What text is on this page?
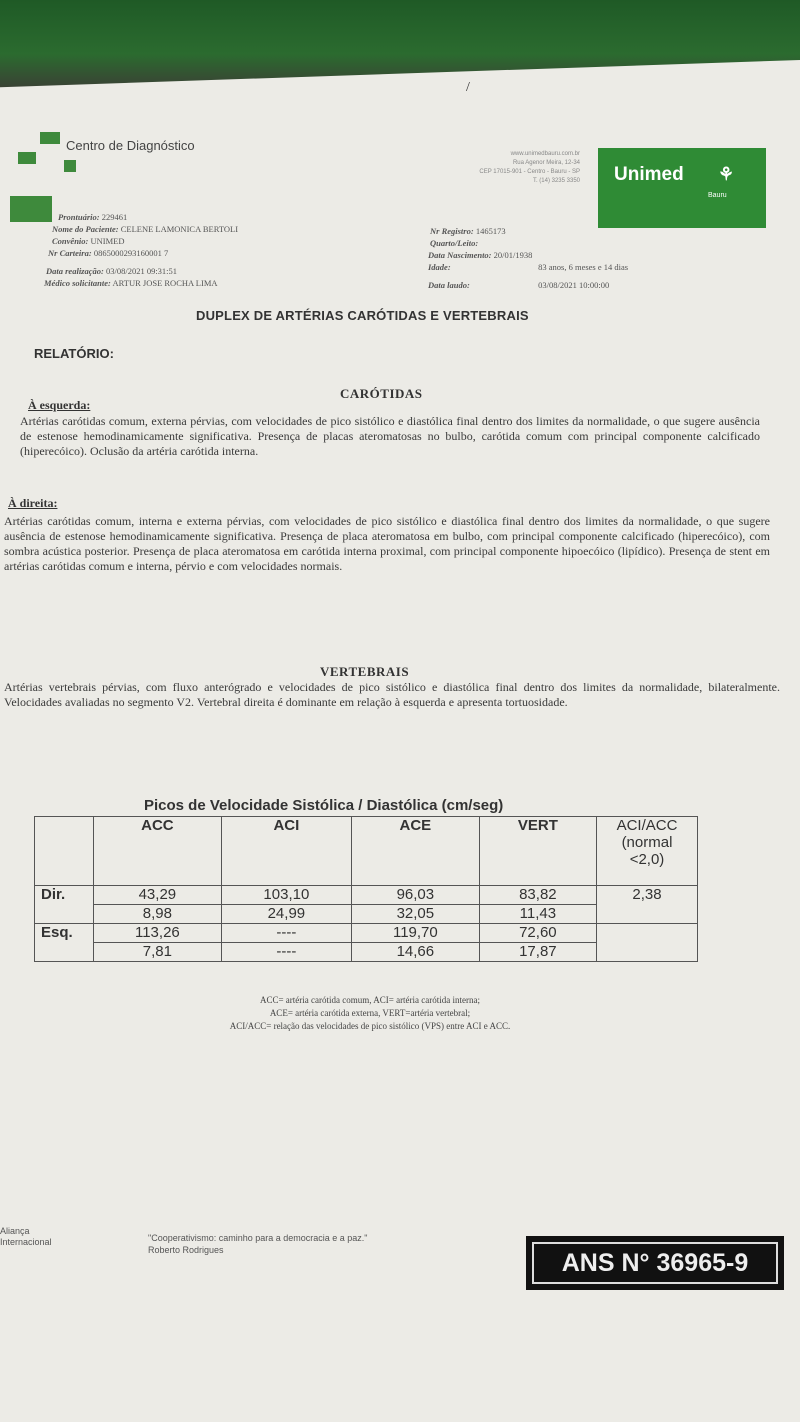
/
Centro de Diagnóstico
www.unimedbauru.com.br
Rua Agenor Meira, 12-34
CEP 17015-901 - Centro - Bauru - SP
T. (14) 3235 3350 Unimed ⚘
Bauru
Prontuário: 229461
Nome do Paciente: CELENE LAMONICA BERTOLI
Convênio: UNIMED
Nr Carteira: 0865000293160001 7
Data realização: 03/08/2021 09:31:51
Médico solicitante: ARTUR JOSE ROCHA LIMA
Nr Registro: 1465173
Quarto/Leito:
Data Nascimento: 20/01/1938
Idade:	83 anos, 6 meses e 14 dias
Data laudo:	03/08/2021 10:00:00
DUPLEX DE ARTÉRIAS CARÓTIDAS E VERTEBRAIS
RELATÓRIO:
CARÓTIDAS
À esquerda:
Artérias carótidas comum, externa pérvias, com velocidades de pico sistólico e diastólica final dentro dos limites da normalidade, o que sugere ausência de estenose hemodinamicamente significativa. Presença de placas ateromatosas no bulbo, carótida comum com principal componente calcificado (hiperecóico). Oclusão da artéria carótida interna.
À direita:
Artérias carótidas comum, interna e externa pérvias, com velocidades de pico sistólico e diastólica final dentro dos limites da normalidade, o que sugere ausência de estenose hemodinamicamente significativa. Presença de placa ateromatosa em bulbo, com principal componente calcificado (hiperecóico), com sombra acústica posterior. Presença de placa ateromatosa em carótida interna proximal, com principal componente hipoecóico (lipídico). Presença de stent em artérias carótidas comum e interna, pérvio e com velocidades normais.
VERTEBRAIS
Artérias vertebrais pérvias, com fluxo anterógrado e velocidades de pico sistólico e diastólica final dentro dos limites da normalidade, bilateralmente. Velocidades avaliadas no segmento V2. Vertebral direita é dominante em relação à esquerda e apresenta tortuosidade.
Picos de Velocidade Sistólica / Diastólica (cm/seg)
	ACC	ACI	ACE	VERT	ACI/ACC (normal <2,0)
Dir.	43,29	103,10	96,03	83,82	2,38
	8,98	24,99	32,05	11,43	
Esq.	113,26	----	119,70	72,60	
	7,81	----	14,66	17,87	
ACC= artéria carótida comum, ACI= artéria carótida interna;
ACE= artéria carótida externa, VERT=artéria vertebral;
ACI/ACC= relação das velocidades de pico sistólico (VPS) entre ACI e ACC.
Aliança
Internacional	"Cooperativismo: caminho para a democracia e a paz."
Roberto Rodrigues	ANS N° 36965-9
